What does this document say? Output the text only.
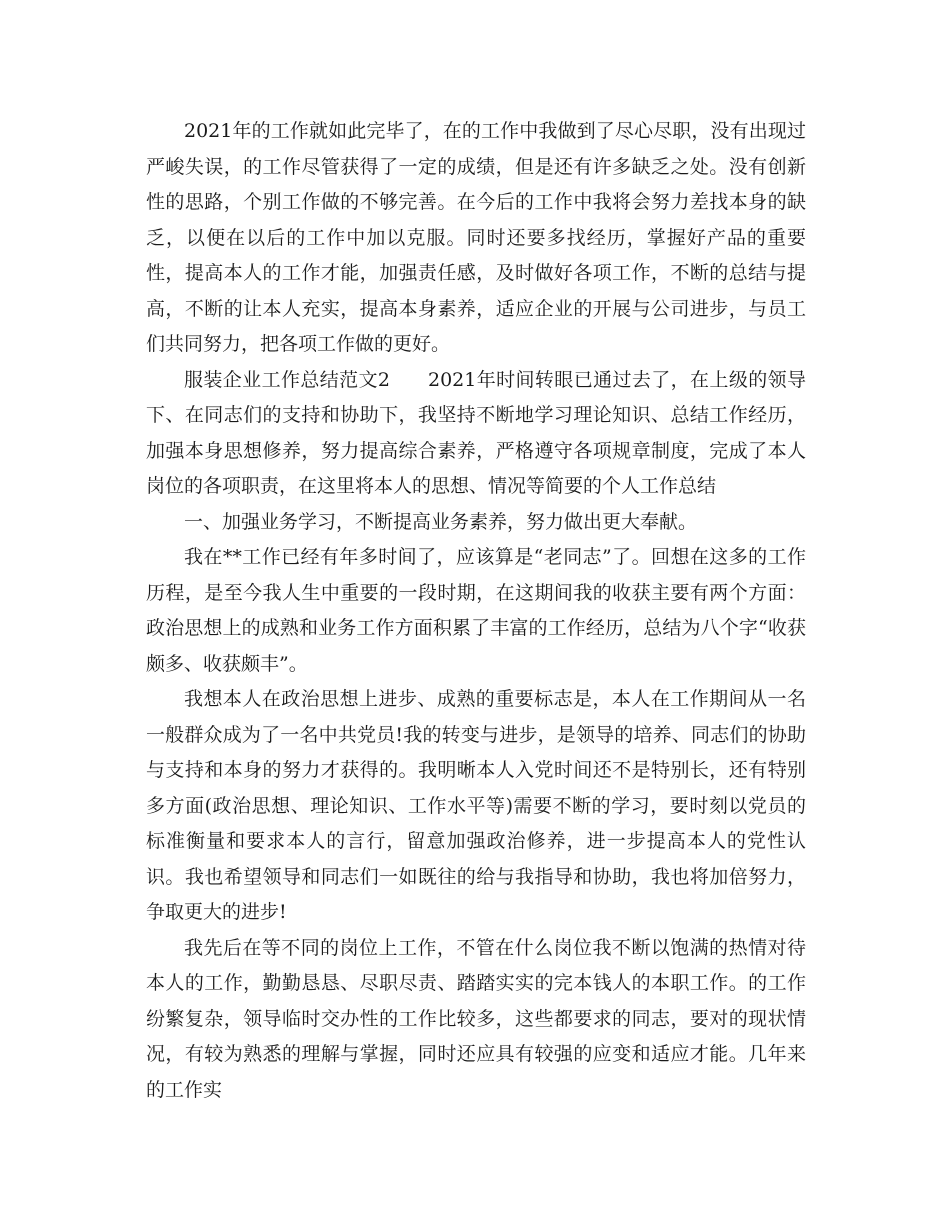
2021年的工作就如此完毕了，在的工作中我做到了尽心尽职，没有出现过严峻失误，的工作尽管获得了一定的成绩，但是还有许多缺乏之处。没有创新性的思路，个别工作做的不够完善。在今后的工作中我将会努力差找本身的缺乏，以便在以后的工作中加以克服。同时还要多找经历，掌握好产品的重要性，提高本人的工作才能，加强责任感，及时做好各项工作，不断的总结与提高，不断的让本人充实，提高本身素养，适应企业的开展与公司进步，与员工们共同努力，把各项工作做的更好。

服装企业工作总结范文2 2021年时间转眼已通过去了，在上级的领导下、在同志们的支持和协助下，我坚持不断地学习理论知识、总结工作经历，加强本身思想修养，努力提高综合素养，严格遵守各项规章制度，完成了本人岗位的各项职责，在这里将本人的思想、情况等简要的个人工作总结

一、加强业务学习，不断提高业务素养，努力做出更大奉献。

我在**工作已经有年多时间了，应该算是“老同志”了。回想在这多的工作历程，是至今我人生中重要的一段时期，在这期间我的收获主要有两个方面：政治思想上的成熟和业务工作方面积累了丰富的工作经历，总结为八个字“收获颇多、收获颇丰”。

我想本人在政治思想上进步、成熟的重要标志是，本人在工作期间从一名一般群众成为了一名中共党员!我的转变与进步，是领导的培养、同志们的协助与支持和本身的努力才获得的。我明晰本人入党时间还不是特别长，还有特别多方面(政治思想、理论知识、工作水平等)需要不断的学习，要时刻以党员的标准衡量和要求本人的言行，留意加强政治修养，进一步提高本人的党性认识。我也希望领导和同志们一如既往的给与我指导和协助，我也将加倍努力，争取更大的进步!

我先后在等不同的岗位上工作，不管在什么岗位我不断以饱满的热情对待本人的工作，勤勤恳恳、尽职尽责、踏踏实实的完本钱人的本职工作。的工作纷繁复杂，领导临时交办性的工作比较多，这些都要求的同志，要对的现状情况，有较为熟悉的理解与掌握，同时还应具有较强的应变和适应才能。几年来的工作实
